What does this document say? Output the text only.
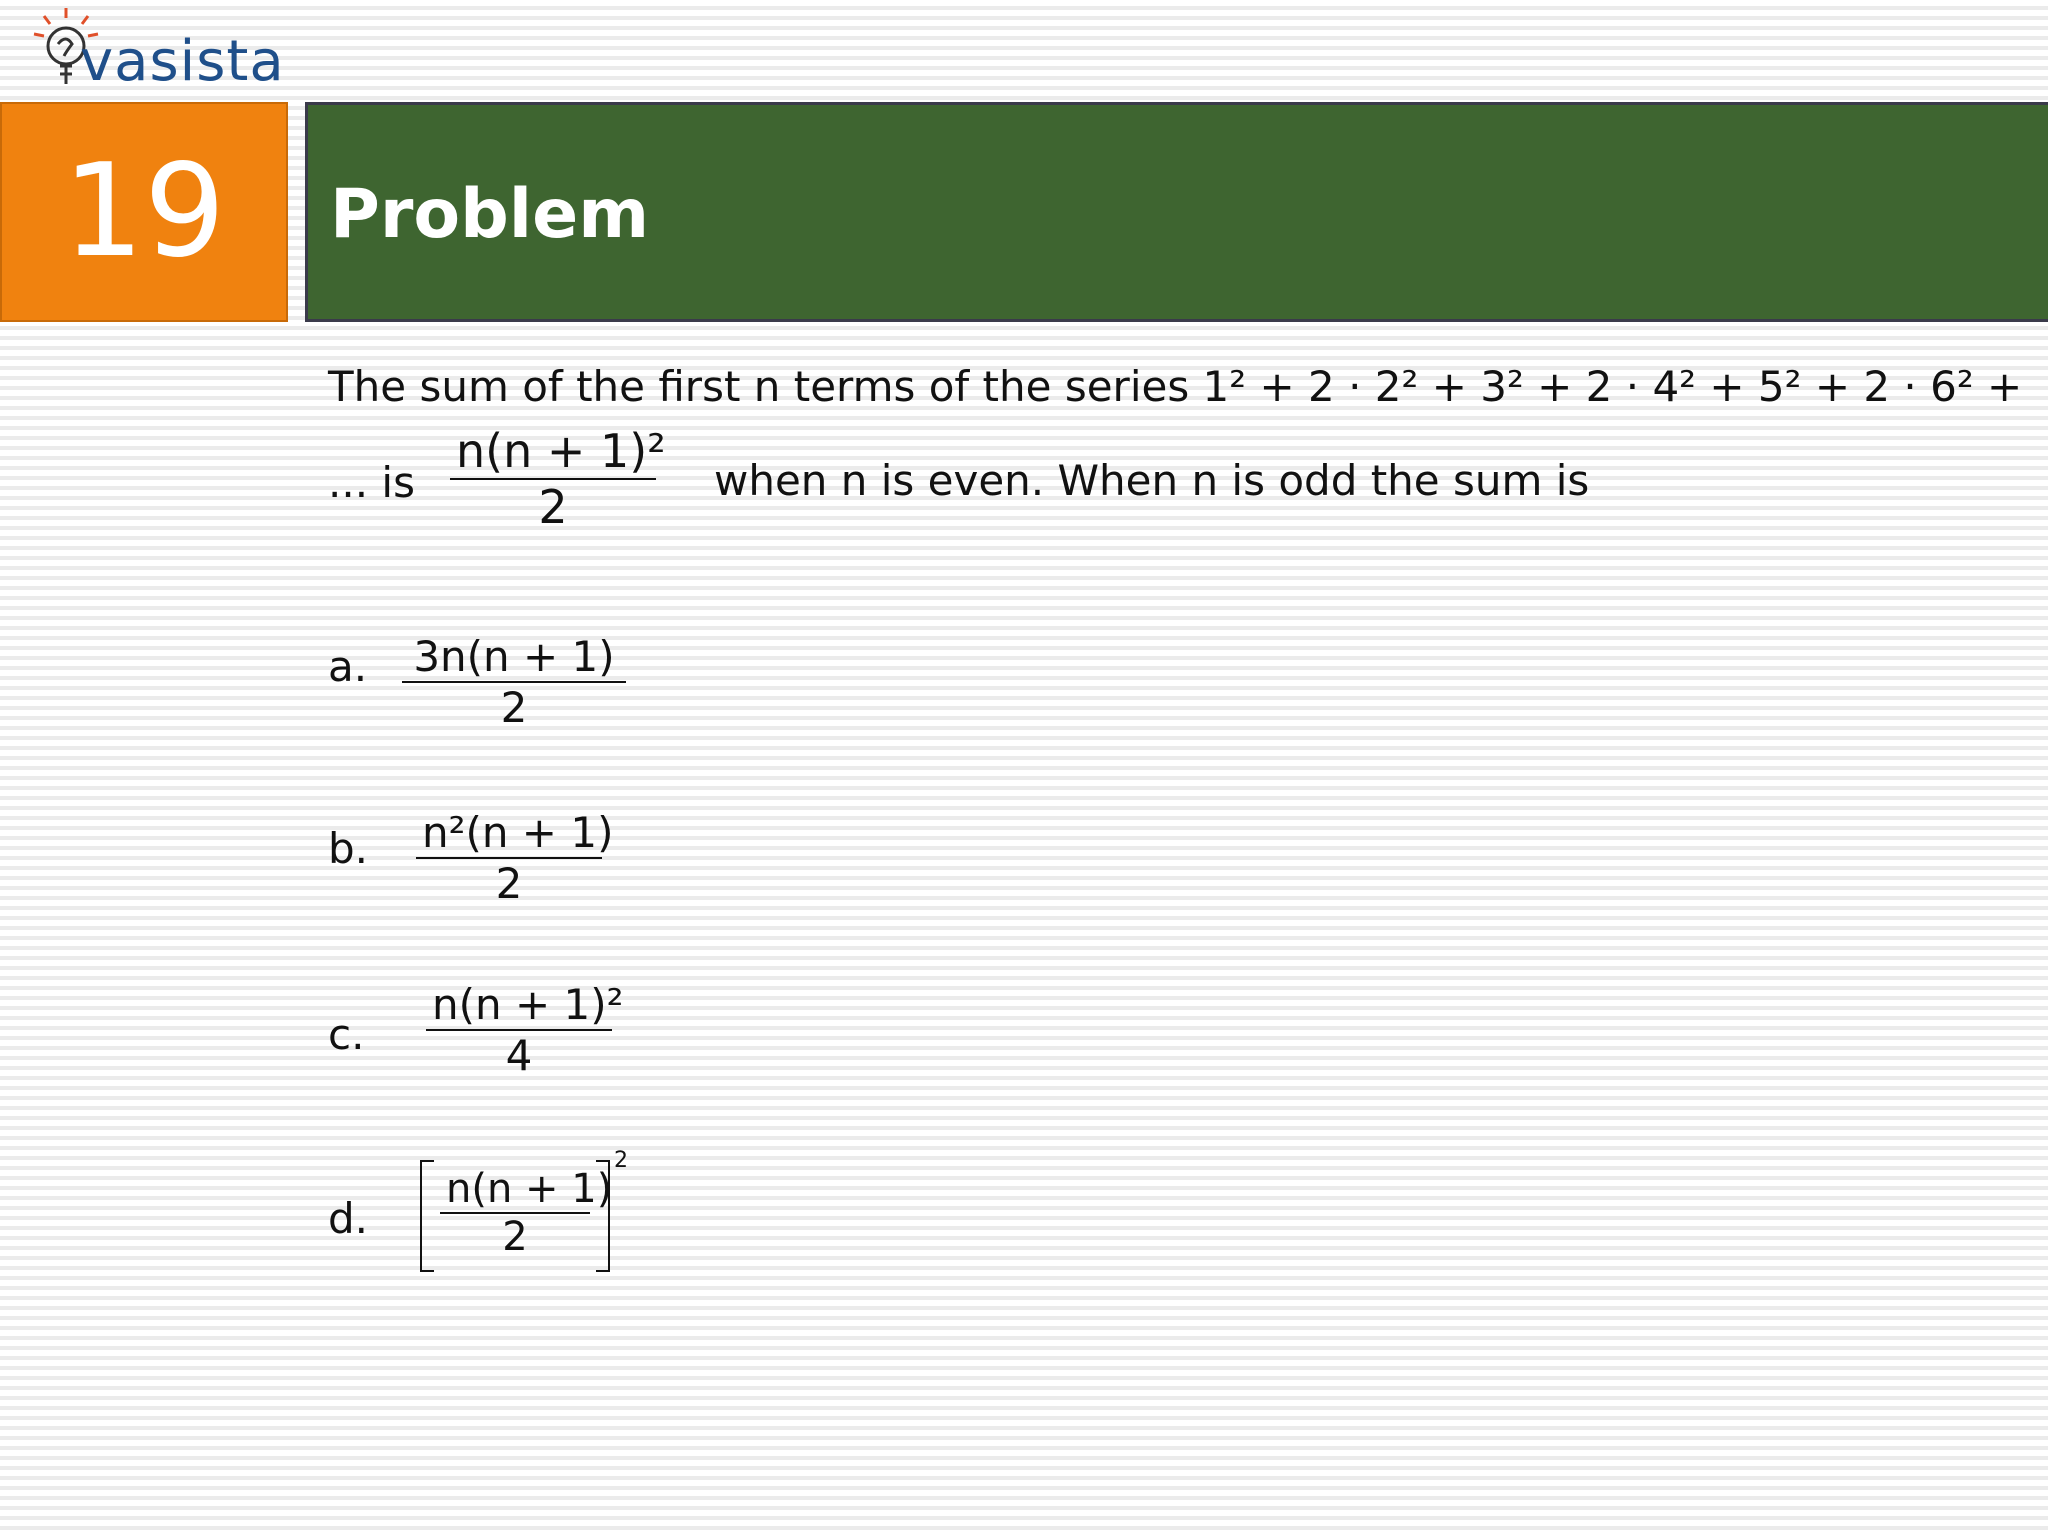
vasista
19 Problem
The sum of the first n terms of the series 1² + 2 · 2² + 3² + 2 · 4² + 5² + 2 · 6² +
... is $\frac{\text{n(n + 1)²}}{2}$ when n is even. When n is odd the sum is
a. $\frac{3n(n + 1)}{2}$
b. $\frac{\text{n²(n + 1)}}{2}$
c. $\frac{\text{n(n + 1)²}}{4}$
d.
2
$\frac{n(n + 1)}{2}$
